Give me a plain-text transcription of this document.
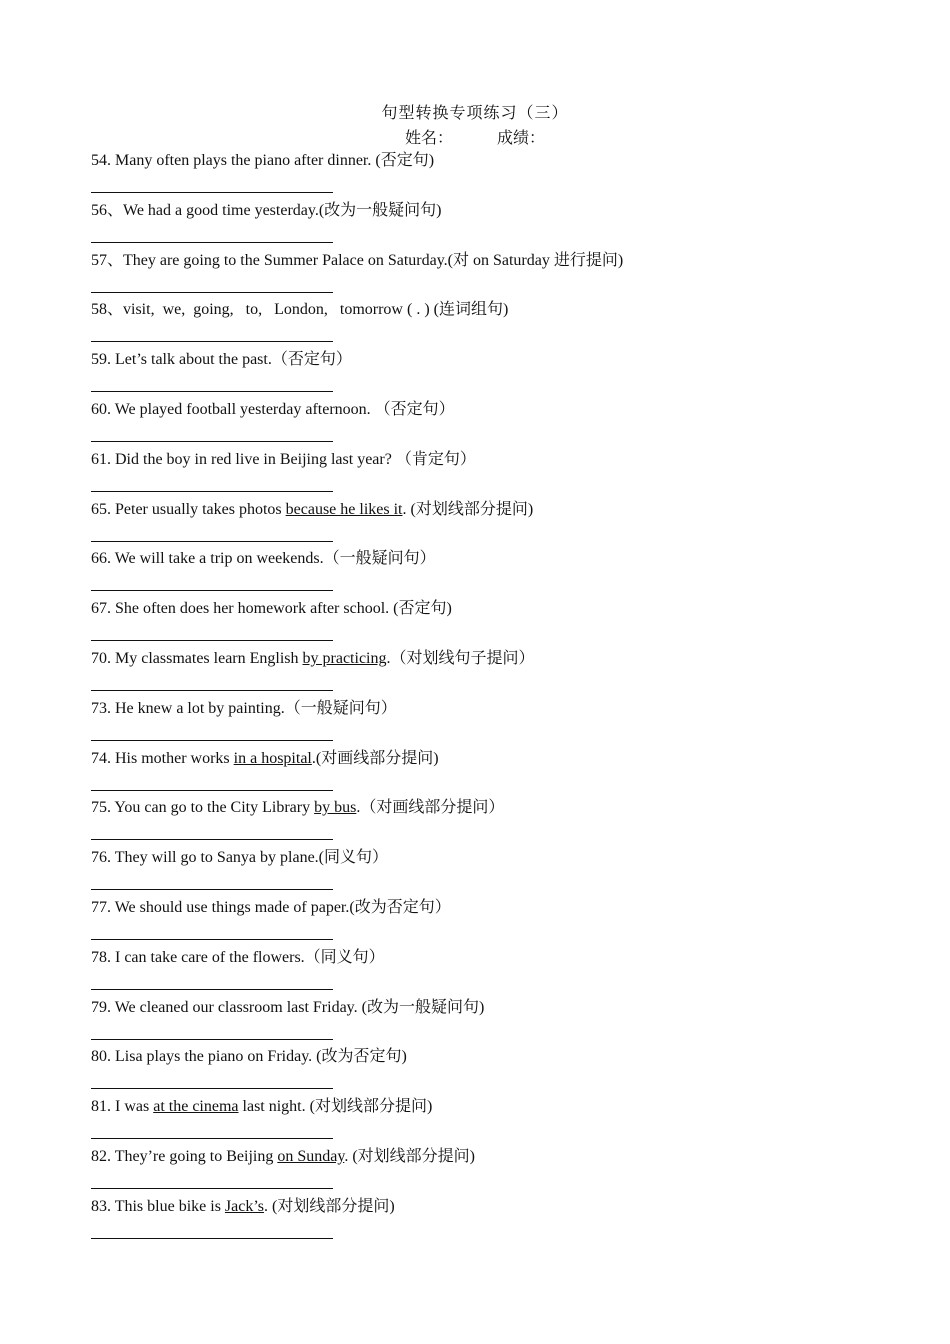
句型转换专项练习（三）
姓名：	成绩：
54. Many often plays the piano after dinner. (否定句)
56、We had a good time yesterday.(改为一般疑问句)
57、They are going to the Summer Palace on Saturday.(对 on Saturday 进行提问)
58、visit,  we,  going,   to,   London,   tomorrow ( . ) (连词组句)
59. Let’s talk about the past.（否定句）
60. We played football yesterday afternoon. （否定句）
61. Did the boy in red live in Beijing last year? （肯定句）
65. Peter usually takes photos because he likes it. (对划线部分提问)
66. We will take a trip on weekends.（一般疑问句）
67. She often does her homework after school. (否定句)
70. My classmates learn English by practicing.（对划线句子提问）
73. He knew a lot by painting.（一般疑问句）
74. His mother works in a hospital.(对画线部分提问)
75. You can go to the City Library by bus.（对画线部分提问）
76. They will go to Sanya by plane.(同义句）
77. We should use things made of paper.(改为否定句）
78. I can take care of the flowers.（同义句）
79. We cleaned our classroom last Friday. (改为一般疑问句)
80. Lisa plays the piano on Friday. (改为否定句)
81. I was at the cinema last night. (对划线部分提问)
82. They’re going to Beijing on Sunday. (对划线部分提问)
83. This blue bike is Jack’s. (对划线部分提问)
